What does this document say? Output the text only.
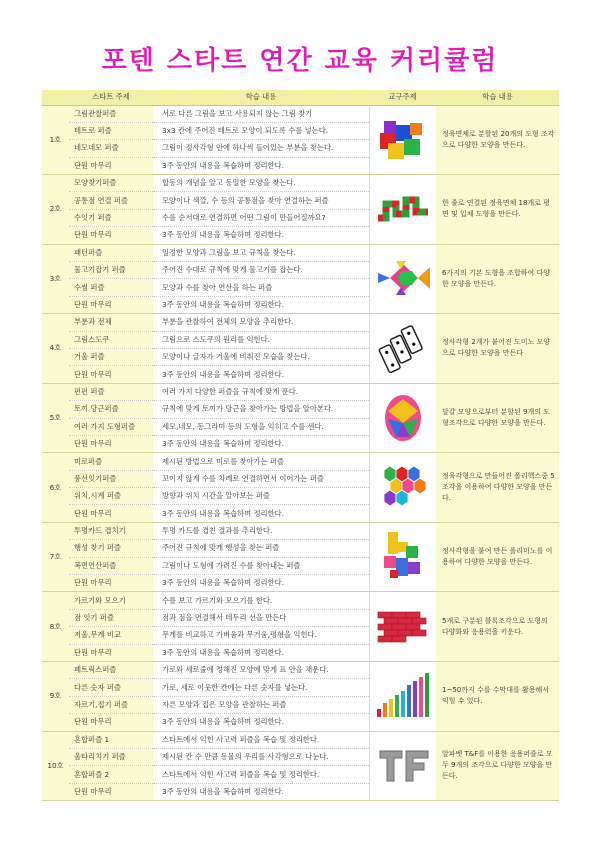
포텐 스타트 연간 교육 커리큘럼
	스타트 주제	학습 내용	교구주제	학습 내용
1호	그림관찰퍼즐	서로 다른 그림을 보고 사용되지 않는 그림 찾기		정육면체로 분할된 20개의 도형 조각으로 다양한 모양을 만든다.
	테트로 퍼즐	3x3 칸에 주어진 테트로 모양이 되도록 수를 넣는다.		
	네모네모 퍼즐	그림이 정사각형 안에 하나씩 들어있는 부분을 찾는다.		
	단원 마무리	3주 동안의 내용을 복습하며 정리한다.		
2호	모양찾기퍼즐	합동의 개념을 알고 동일한 모양을 찾는다.		한 줄로 연결된 정육면체 18개로 평면 및 입체 도형을 만든다.
	공통점 연결 퍼즐	모양이나 색깔, 수 등의 공통점을 찾아 연결하는 퍼즐		
	수잇기 퍼즐	수를 순서대로 연결하면 어떤 그림이 만들어질까요?		
	단원 마무리	3주 동안의 내용을 복습하며 정리한다.		
3호	패턴퍼즐	일정한 모양과 그림을 보고 규칙을 찾는다.		6가지의 기본 도형을 조합하여 다양한 모양을 만든다.
	물고기잡기 퍼즐	주어진 수대로 규칙에 맞게 물고기를 잡는다.		
	수썸 퍼즐	모양과 수를 찾아 연산을 하는 퍼즐		
	단원 마무리	3주 동안의 내용을 복습하며 정리한다.		
4호	부분과 전체	부분을 관찰하여 전체의 모양을 추리한다.		정사각형 2개가 붙어진 도미노 모양으로 다양한 모양을 만든다
	그림스도쿠	그림으로 스도쿠의 원리를 익힌다.		
	거울 퍼즐	모양이나 글자가 거울에 비춰진 모습을 찾는다.		
	단원 마무리	3주 동안의 내용을 복습하며 정리한다.		
5호	펀펀 퍼즐	여러 가지 다양한 퍼즐을 규칙에 맞게 푼다.		달걀 모양으로부터 분할된 9개의 도형조각으로 다양한 모양을 만든다.
	토끼 당근퍼즐	규칙에 맞게 토끼가 당근을 찾아가는 방법을 알아본다.		
	여러 가지 도형퍼즐	세모,네모, 동그라미 등의 도형을 익히고 수를 센다.		
	단원 마무리	3주 동안의 내용을 복습하며 정리한다.		
6호	미로퍼즐	제시된 방법으로 미로를 찾아가는 퍼즐		정육각형으로 만들어진 폴리헥스중 5조각을 이용하여 다양한 모양을 만든다.
	풍선잇기퍼즐	꼬이지 않게 수를 차례로 연결하면서 이어가는 퍼즐		
	위치,시계 퍼즐	방향과 위치 시간을 알아보는 퍼즐		
	단원 마무리	3주 동안의 내용을 복습하며 정리한다.		
7호	투명카드 겹치기	투명 카드를 겹친 결과를 추리한다.		정사각형을 붙여 만든 폴리미노를 이용하여 다양한 모양을 만든다.
	행성 찾기 퍼즐	주어진 규칙에 맞게 행성을 찾는 퍼즐		
	복면연산퍼즐	그림이나 도형에 가려진 수를 찾아내는 퍼즐		
	단원 마무리	3주 동안의 내용을 복습하며 정리한다.		
8호	가르기와 모으기	수를 보고 가르기와 모으기를 한다.		5개로 구분된 블록조각으로 도형의 다양화와 응용력을 키운다.
	점 잇기 퍼즐	점과 점을 연결해서 테두리 선을 만든다		
	저울,무게 비교	무게를 비교하고 가벼움과 무거움,평형을 익힌다.		
	단원 마무리	3주 동안의 내용을 복습하며 정리한다.		
9호	페트릭스퍼즐	가로와 세로줄에 정해진 모양에 맞게 표 안을 채운다.		1~50까지 수를 수막대를 활용해서 익힐 수 있다.
	다른 숫자 퍼즐	가로, 세로 이웃한 칸에는 다른 숫자를 넣는다.		
	자르기,접기 퍼즐	자른 모양과 접은 모양을 관찰하는 퍼즐		
	단원 마무리	3주 동안의 내용을 복습하며 정리한다.		
10호	혼합퍼즐 1	스타트에서 익힌 사고력 퍼즐을 복습 및 정리한다.		알파벳 T&F를 이용한 응용퍼즐로 모두 9개의 조각으로 다양한 모양을 만든다.
	울타리치기 퍼즐	제시된 칸 수 만큼 동물의 우리를 사각형으로 나눈다.		
	혼합퍼즐 2	스타트에서 익힌 사고력 퍼즐을 복습 및 정리한다.		
	단원 마무리	3주 동안의 내용을 복습하며 정리한다.		
